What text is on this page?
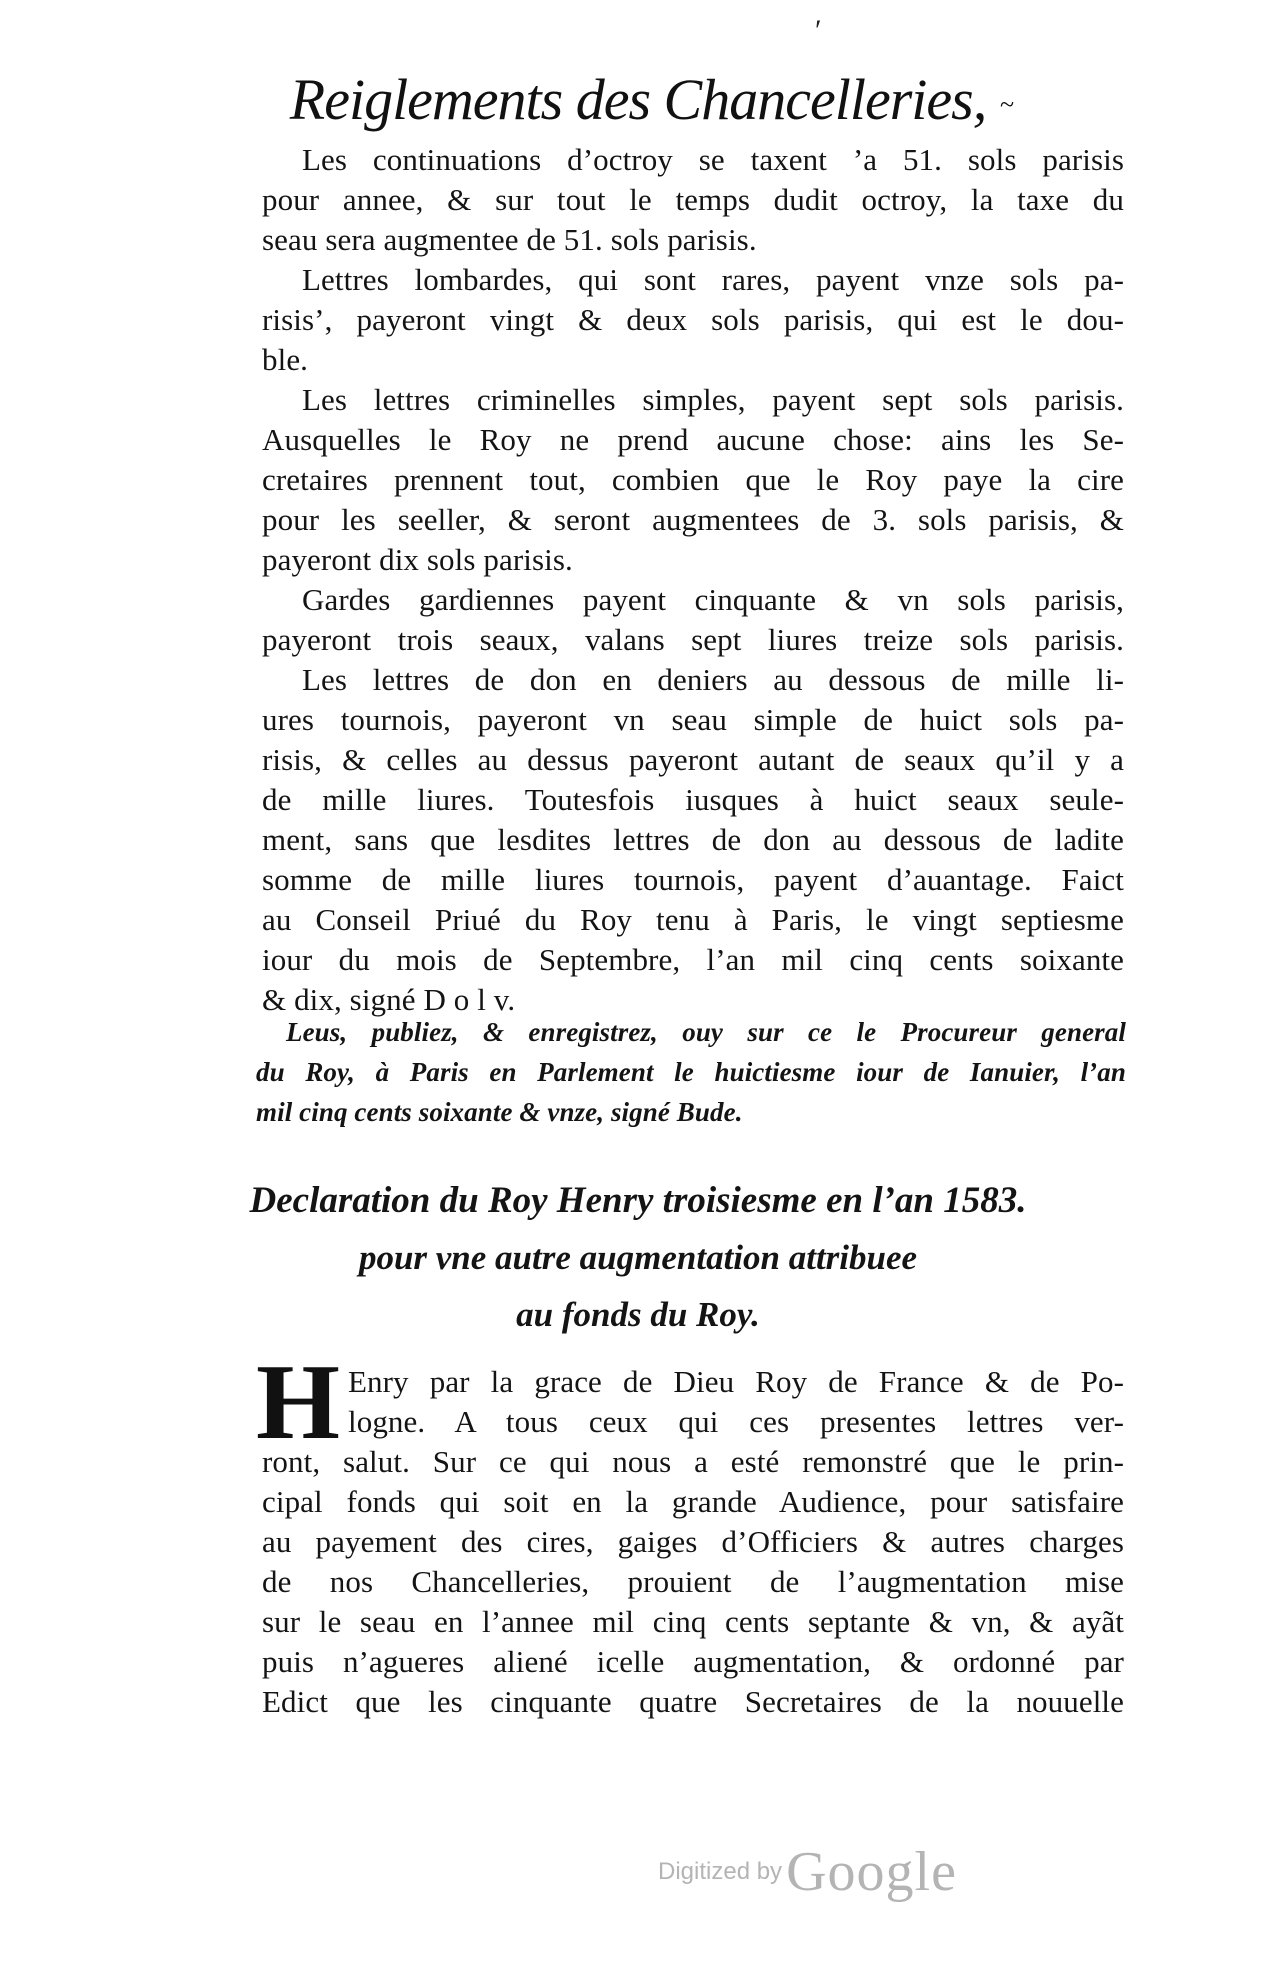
′
Reiglements des Chancelleries, ~
Les continuations d’octroy se taxent ’a 51. sols parisis
pour annee, & sur tout le temps dudit octroy, la taxe du
seau sera augmentee de 51. sols parisis.
Lettres lombardes, qui sont rares, payent vnze sols pa-
risis’, payeront vingt & deux sols parisis, qui est le dou-
ble.
Les lettres criminelles simples, payent sept sols parisis.
Ausquelles le Roy ne prend aucune chose: ains les Se-
cretaires prennent tout, combien que le Roy paye la cire
pour les seeller, & seront augmentees de 3. sols parisis, &
payeront dix sols parisis.
Gardes gardiennes payent cinquante & vn sols parisis,
payeront trois seaux, valans sept liures treize sols parisis.
Les lettres de don en deniers au dessous de mille li-
ures tournois, payeront vn seau simple de huict sols pa-
risis, & celles au dessus payeront autant de seaux qu’il y a
de mille liures. Toutesfois iusques à huict seaux seule-
ment, sans que lesdites lettres de don au dessous de ladite
somme de mille liures tournois, payent d’auantage. Faict
au Conseil Priué du Roy tenu à Paris, le vingt septiesme
iour du mois de Septembre, l’an mil cinq cents soixante
& dix, signé D o l v.
Leus, publiez, & enregistrez, ouy sur ce le Procureur general
du Roy, à Paris en Parlement le huictiesme iour de Ianuier, l’an
mil cinq cents soixante & vnze, signé Bude.
Declaration du Roy Henry troisiesme en l’an 1583.
pour vne autre augmentation attribuee
au fonds du Roy.
H Enry par la grace de Dieu Roy de France & de Po-
logne. A tous ceux qui ces presentes lettres ver-
ront, salut. Sur ce qui nous a esté remonstré que le prin-
cipal fonds qui soit en la grande Audience, pour satisfaire
au payement des cires, gaiges d’Officiers & autres charges
de nos Chancelleries, prouient de l’augmentation mise
sur le seau en l’annee mil cinq cents septante & vn, & ayãt
puis n’agueres aliené icelle augmentation, & ordonné par
Edict que les cinquante quatre Secretaires de la nouuelle
Digitized by Google
